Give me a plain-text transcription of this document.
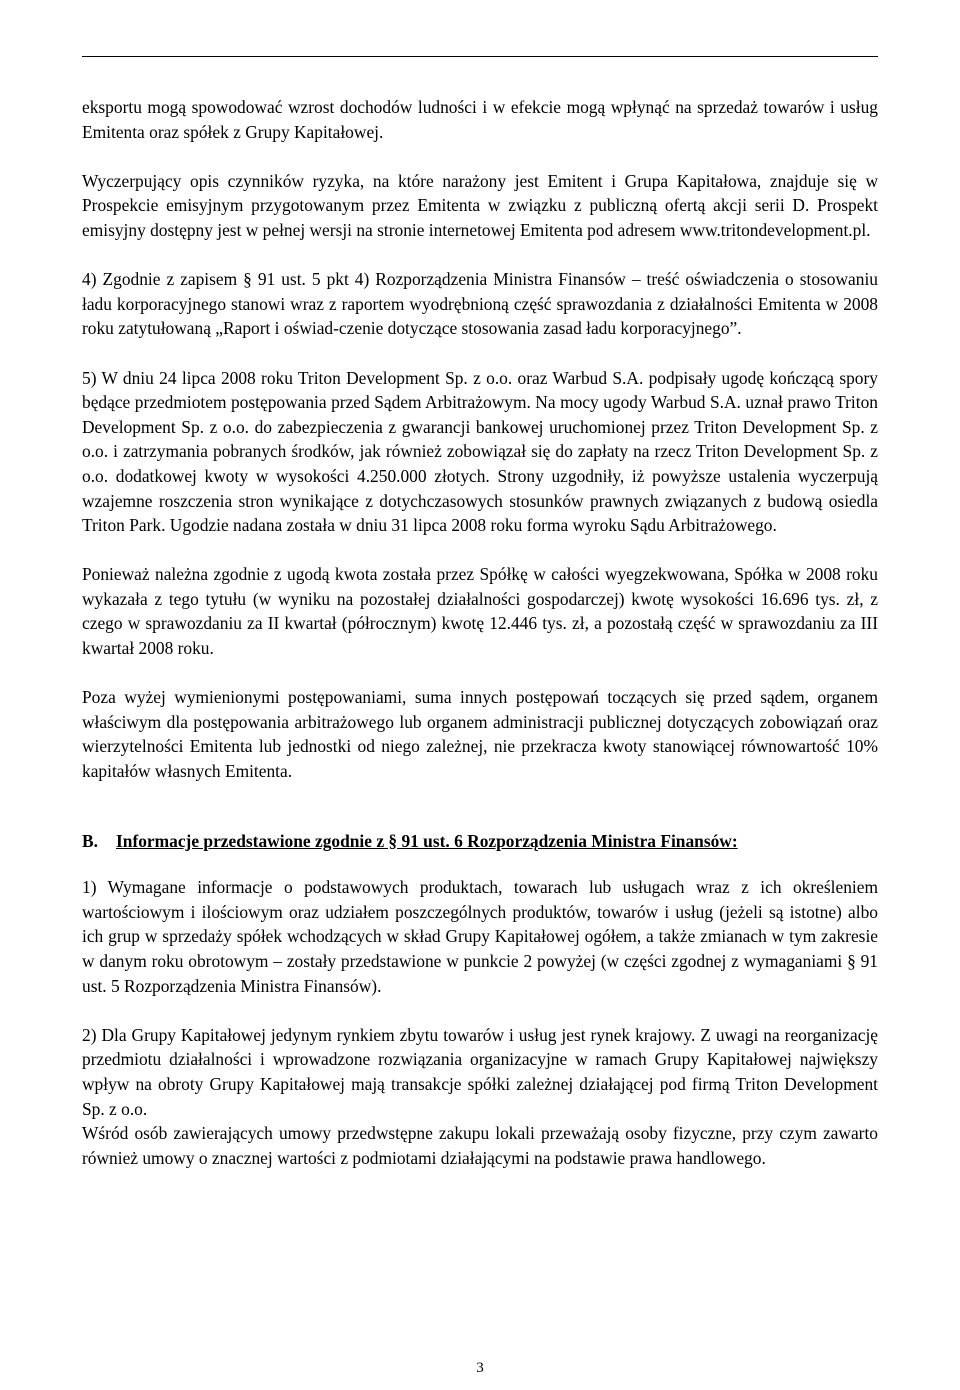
Grupa Kapitałowa Triton Development S.A.
Sprawozdanie Zarządu z działalności Grupy Kapitałowej w 2008 roku

eksportu mogą spowodować wzrost dochodów ludności i w efekcie mogą wpłynąć na sprzedaż towarów i usług Emitenta oraz spółek z Grupy Kapitałowej.

Wyczerpujący opis czynników ryzyka, na które narażony jest Emitent i Grupa Kapitałowa, znajduje się w Prospekcie emisyjnym przygotowanym przez Emitenta w związku z publiczną ofertą akcji serii D. Prospekt emisyjny dostępny jest w pełnej wersji na stronie internetowej Emitenta pod adresem www.tritondevelopment.pl.

4) Zgodnie z zapisem § 91 ust. 5 pkt 4) Rozporządzenia Ministra Finansów – treść oświadczenia o stosowaniu ładu korporacyjnego stanowi wraz z raportem wyodrębnioną część sprawozdania z działalności Emitenta w 2008 roku zatytułowaną „Raport i oświad-czenie dotyczące stosowania zasad ładu korporacyjnego”.

5) W dniu 24 lipca 2008 roku Triton Development Sp. z o.o. oraz Warbud S.A. podpisały ugodę kończącą spory będące przedmiotem postępowania przed Sądem Arbitrażowym. Na mocy ugody Warbud S.A. uznał prawo Triton Development Sp. z o.o. do zabezpieczenia z gwarancji bankowej uruchomionej przez Triton Development Sp. z o.o. i zatrzymania pobranych środków, jak również zobowiązał się do zapłaty na rzecz Triton Development Sp. z o.o. dodatkowej kwoty w wysokości 4.250.000 złotych. Strony uzgodniły, iż powyższe ustalenia wyczerpują wzajemne roszczenia stron wynikające z dotychczasowych stosunków prawnych związanych z budową osiedla Triton Park. Ugodzie nadana została w dniu 31 lipca 2008 roku forma wyroku Sądu Arbitrażowego.

Ponieważ należna zgodnie z ugodą kwota została przez Spółkę w całości wyegzekwowana, Spółka w 2008 roku wykazała z tego tytułu (w wyniku na pozostałej działalności gospodarczej) kwotę wysokości 16.696 tys. zł, z czego w sprawozdaniu za II kwartał (półrocznym) kwotę 12.446 tys. zł, a pozostałą część w sprawozdaniu za III kwartał 2008 roku.

Poza wyżej wymienionymi postępowaniami, suma innych postępowań toczących się przed sądem, organem właściwym dla postępowania arbitrażowego lub organem administracji publicznej dotyczących zobowiązań oraz wierzytelności Emitenta lub jednostki od niego zależnej, nie przekracza kwoty stanowiącej równowartość 10% kapitałów własnych Emitenta.

B.	Informacje przedstawione zgodnie z § 91 ust. 6 Rozporządzenia Ministra Finansów:

1) Wymagane informacje o podstawowych produktach, towarach lub usługach wraz z ich określeniem wartościowym i ilościowym oraz udziałem poszczególnych produktów, towarów i usług (jeżeli są istotne) albo ich grup w sprzedaży spółek wchodzących w skład Grupy Kapitałowej ogółem, a także zmianach w tym zakresie w danym roku obrotowym – zostały przedstawione w punkcie 2 powyżej (w części zgodnej z wymaganiami § 91 ust. 5 Rozporządzenia Ministra Finansów).

2) Dla Grupy Kapitałowej jedynym rynkiem zbytu towarów i usług jest rynek krajowy. Z uwagi na reorganizację przedmiotu działalności i wprowadzone rozwiązania organizacyjne w ramach Grupy Kapitałowej największy wpływ na obroty Grupy Kapitałowej mają transakcje spółki zależnej działającej pod firmą Triton Development Sp. z o.o.

Wśród osób zawierających umowy przedwstępne zakupu lokali przeważają osoby fizyczne, przy czym zawarto również umowy o znacznej wartości z podmiotami działającymi na podstawie prawa handlowego.

3
